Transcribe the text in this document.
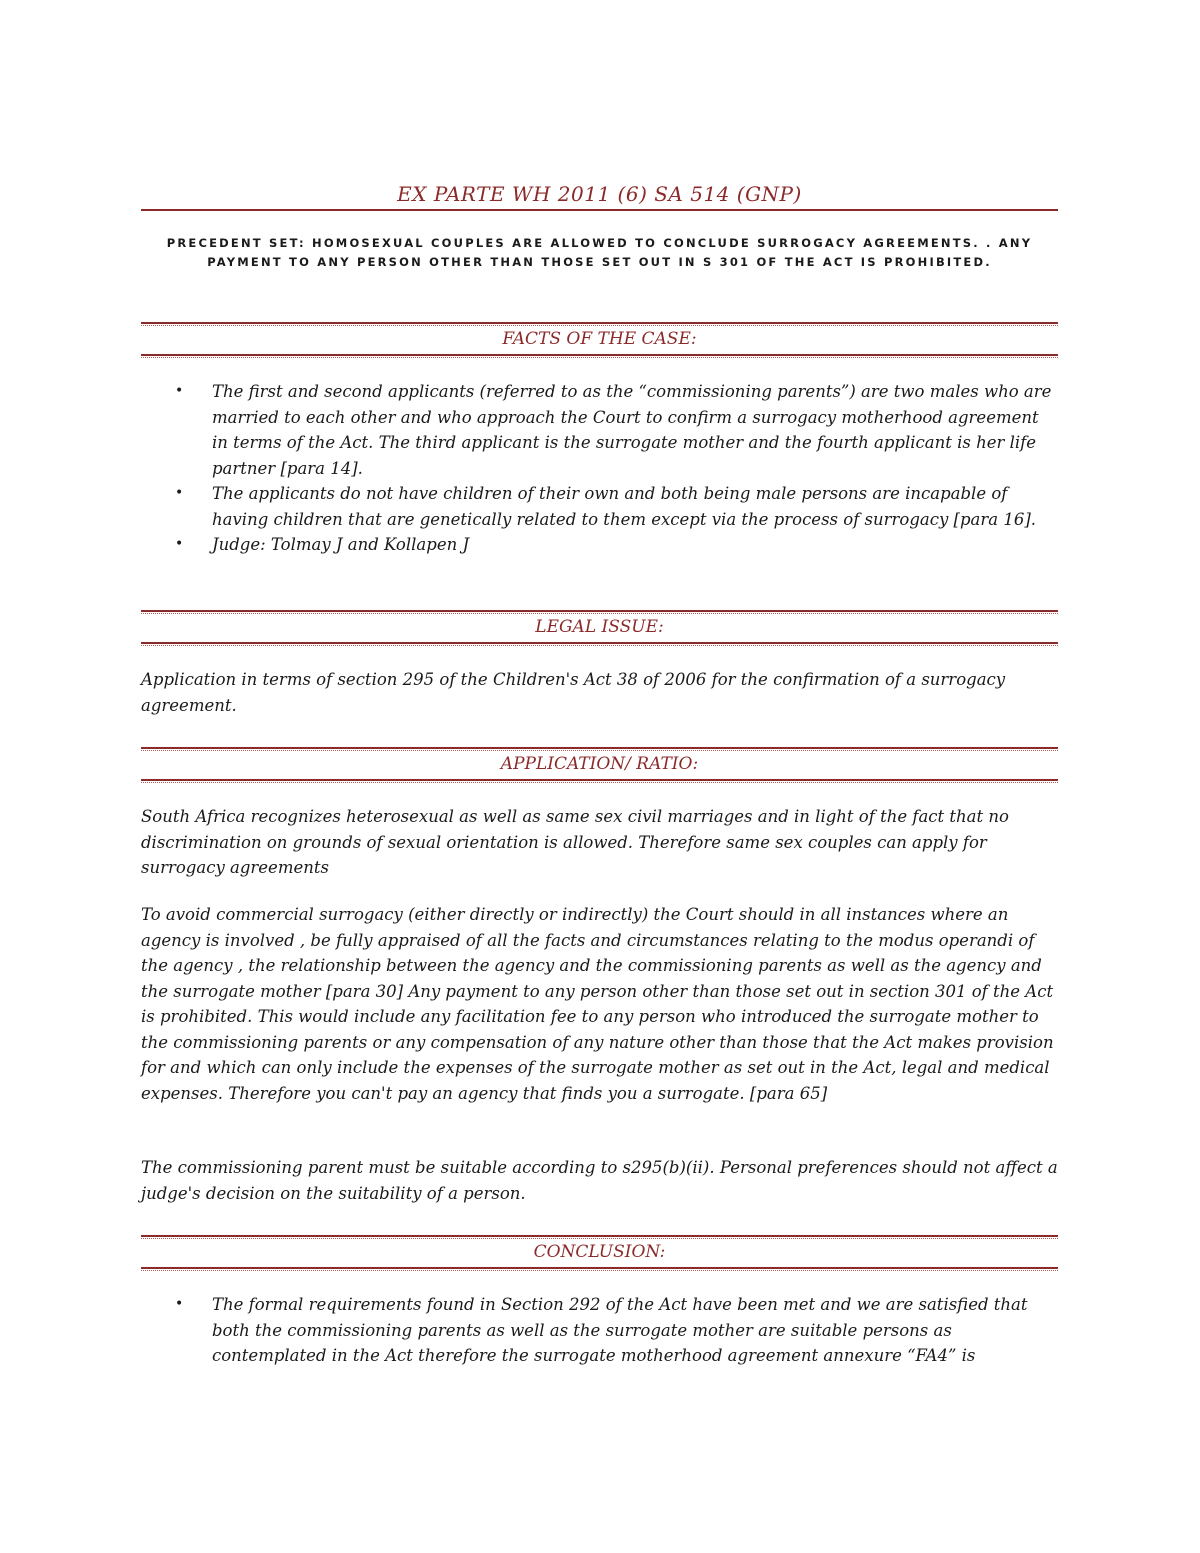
EX PARTE WH 2011 (6) SA 514 (GNP)
PRECEDENT SET: HOMOSEXUAL COUPLES ARE ALLOWED TO CONCLUDE SURROGACY AGREEMENTS. . ANY
PAYMENT TO ANY PERSON OTHER THAN THOSE SET OUT IN S 301 OF THE ACT IS PROHIBITED.
FACTS OF THE CASE:
• The first and second applicants (referred to as the “commissioning parents”) are two males who are married to each other and who approach the Court to confirm a surrogacy motherhood agreement in terms of the Act. The third applicant is the surrogate mother and the fourth applicant is her life partner [para 14].
• The applicants do not have children of their own and both being male persons are incapable of having children that are genetically related to them except via the process of surrogacy [para 16].
• Judge: Tolmay J and Kollapen J
LEGAL ISSUE:

Application in terms of section 295 of the Children's Act 38 of 2006 for the confirmation of a surrogacy agreement.

APPLICATION/ RATIO:

South Africa recognizes heterosexual as well as same sex civil marriages and in light of the fact that no discrimination on grounds of sexual orientation is allowed. Therefore same sex couples can apply for surrogacy agreements

To avoid commercial surrogacy (either directly or indirectly) the Court should in all instances where an agency is involved , be fully appraised of all the facts and circumstances relating to the modus operandi of the agency , the relationship between the agency and the commissioning parents as well as the agency and the surrogate mother [para 30] Any payment to any person other than those set out in section 301 of the Act is prohibited. This would include any facilitation fee to any person who introduced the surrogate mother to the commissioning parents or any compensation of any nature other than those that the Act makes provision for and which can only include the expenses of the surrogate mother as set out in the Act, legal and medical expenses. Therefore you can't pay an agency that finds you a surrogate. [para 65]

The commissioning parent must be suitable according to s295(b)(ii). Personal preferences should not affect a judge's decision on the suitability of a person.

CONCLUSION:
• The formal requirements found in Section 292 of the Act have been met and we are satisfied that both the commissioning parents as well as the surrogate mother are suitable persons as contemplated in the Act therefore the surrogate motherhood agreement annexure “FA4” is
